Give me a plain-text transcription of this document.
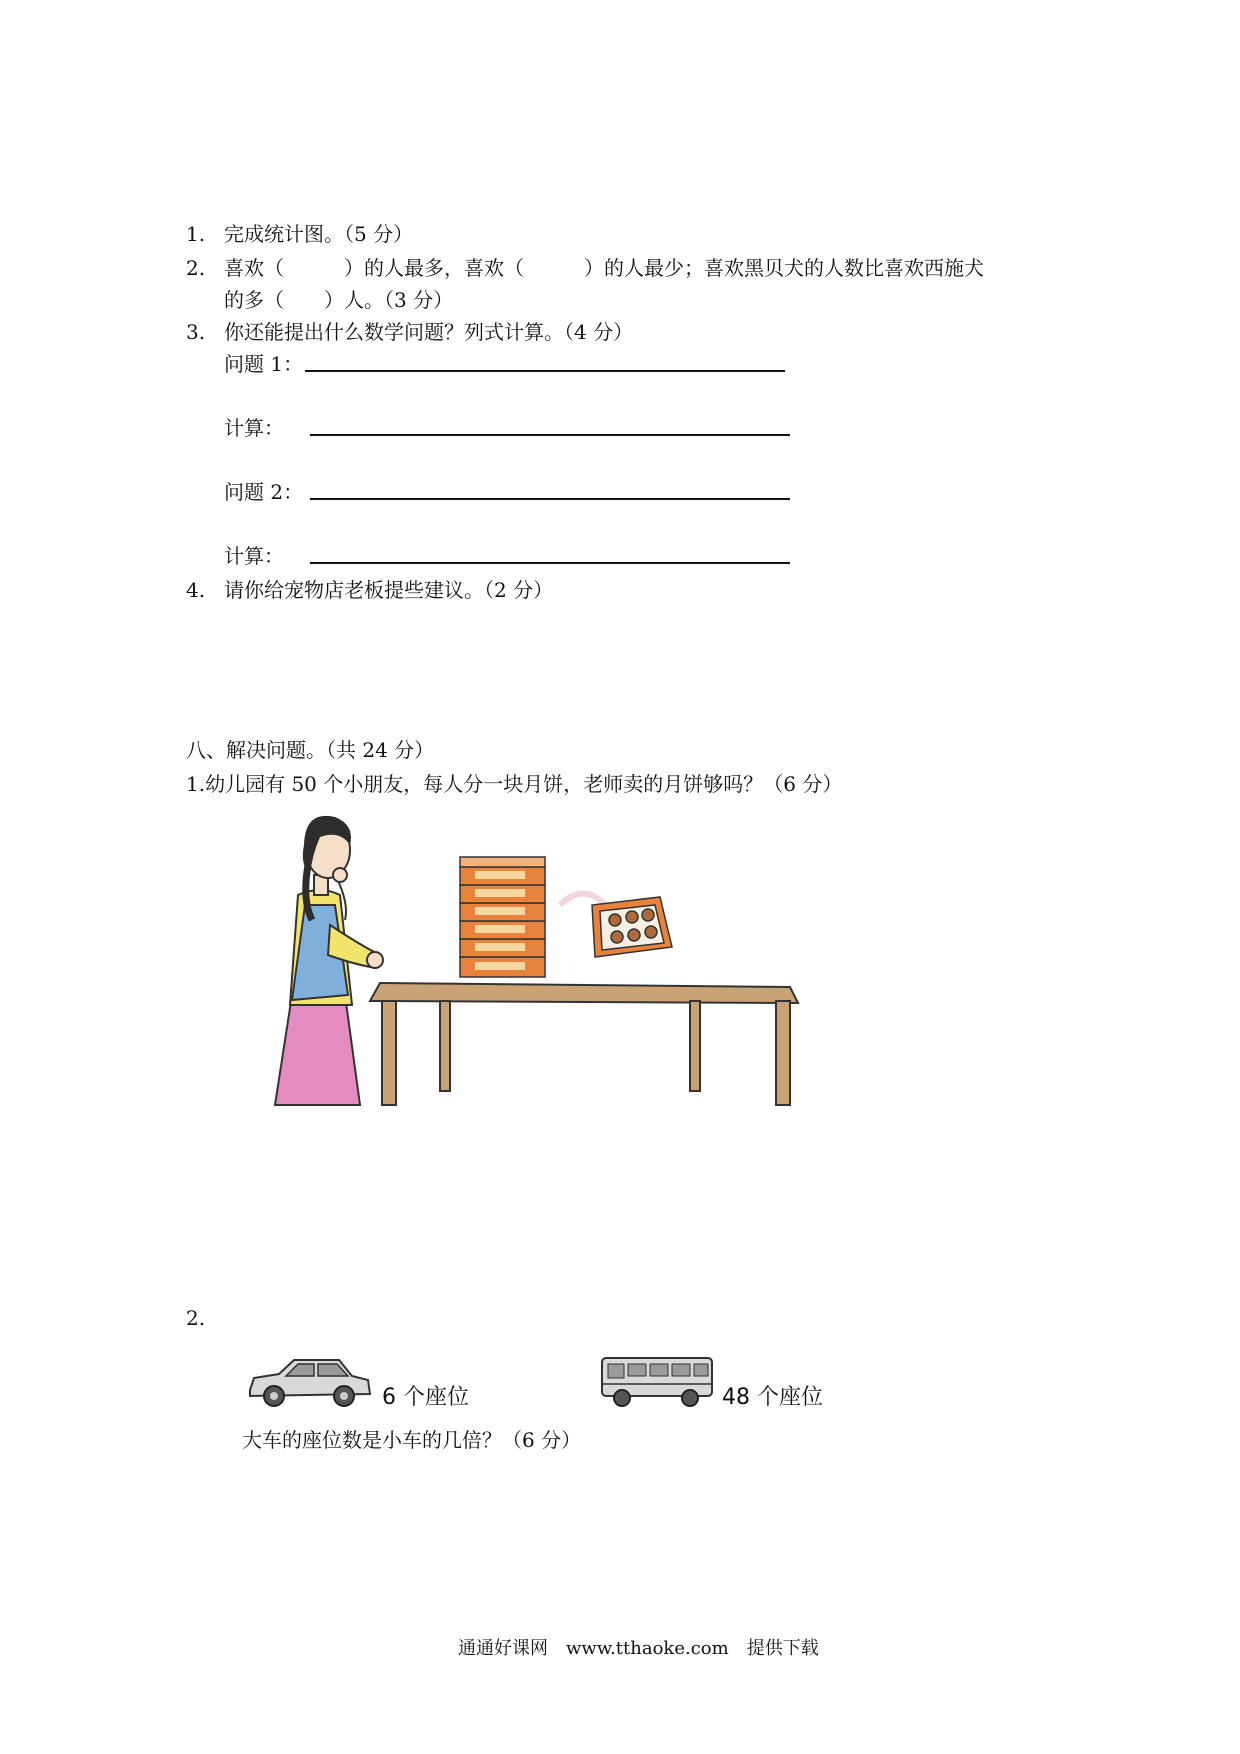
1. 完成统计图。（5 分）
2. 喜欢（　　　）的人最多，喜欢（　　　）的人最少；喜欢黑贝犬的人数比喜欢西施犬
的多（　　）人。（3 分）
3. 你还能提出什么数学问题？列式计算。（4 分）
问题 1：
计算：
问题 2：
计算：
4. 请你给宠物店老板提些建议。（2 分）
八、解决问题。（共 24 分）
1.幼儿园有 50 个小朋友，每人分一块月饼，老师卖的月饼够吗？（6 分）
2.
6 个座位	48 个座位
大车的座位数是小车的几倍？（6 分）
通通好课网　www.tthaoke.com　提供下载
